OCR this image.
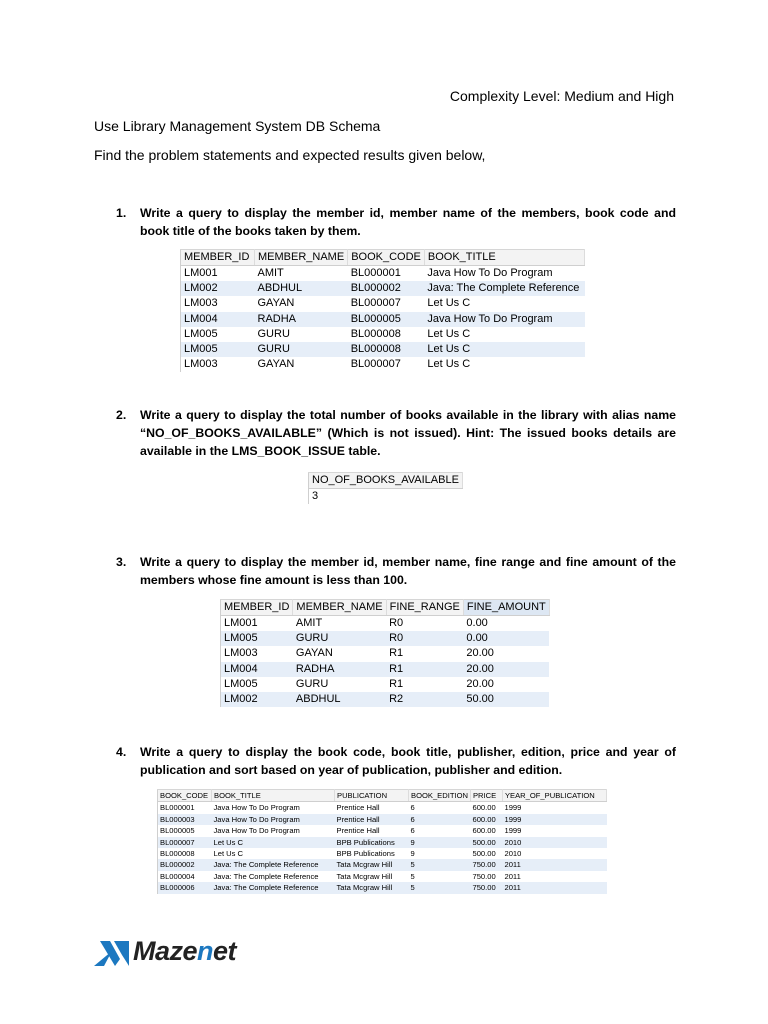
Complexity Level: Medium and High
Use Library Management System DB Schema
Find the problem statements and expected results given below,
1. Write a query to display the member id, member name of the members, book code and book title of the books taken by them.
MEMBER_ID	MEMBER_NAME	BOOK_CODE	BOOK_TITLE
LM001	AMIT	BL000001	Java How To Do Program
LM002	ABDHUL	BL000002	Java: The Complete Reference
LM003	GAYAN	BL000007	Let Us C
LM004	RADHA	BL000005	Java How To Do Program
LM005	GURU	BL000008	Let Us C
LM005	GURU	BL000008	Let Us C
LM003	GAYAN	BL000007	Let Us C
2. Write a query to display the total number of books available in the library with alias name “NO_OF_BOOKS_AVAILABLE” (Which is not issued). Hint: The issued books details are available in the LMS_BOOK_ISSUE table.
NO_OF_BOOKS_AVAILABLE
3
3. Write a query to display the member id, member name, fine range and fine amount of the members whose fine amount is less than 100.
MEMBER_ID	MEMBER_NAME	FINE_RANGE	FINE_AMOUNT
LM001	AMIT	R0	0.00
LM005	GURU	R0	0.00
LM003	GAYAN	R1	20.00
LM004	RADHA	R1	20.00
LM005	GURU	R1	20.00
LM002	ABDHUL	R2	50.00
4. Write a query to display the book code, book title, publisher, edition, price and year of publication and sort based on year of publication, publisher and edition.
BOOK_CODE	BOOK_TITLE	PUBLICATION	BOOK_EDITION	PRICE	YEAR_OF_PUBLICATION
BL000001	Java How To Do Program	Prentice Hall	6	600.00	1999
BL000003	Java How To Do Program	Prentice Hall	6	600.00	1999
BL000005	Java How To Do Program	Prentice Hall	6	600.00	1999
BL000007	Let Us C	BPB Publications	9	500.00	2010
BL000008	Let Us C	BPB Publications	9	500.00	2010
BL000002	Java: The Complete Reference	Tata Mcgraw Hill	5	750.00	2011
BL000004	Java: The Complete Reference	Tata Mcgraw Hill	5	750.00	2011
BL000006	Java: The Complete Reference	Tata Mcgraw Hill	5	750.00	2011
Mazenet
